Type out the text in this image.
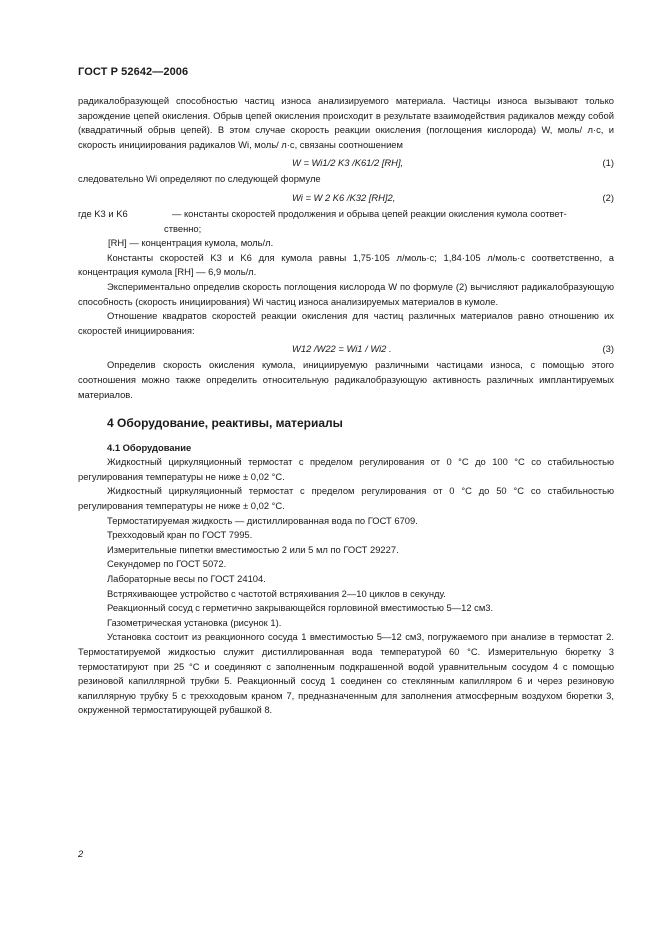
ГОСТ Р 52642—2006

радикалобразующей способностью частиц износа анализируемого материала. Частицы износа вызывают только зарождение цепей окисления. Обрыв цепей окисления происходит в результате взаимодействия радикалов между собой (квадратичный обрыв цепей). В этом случае скорость реакции окисления (поглощения кислорода) W, моль/ л·с, и скорость инициирования радикалов Wi, моль/ л·с, связаны соотношением

W = Wi1/2 K3 /K61/2 [RH],	(1)

следовательно Wi определяют по следующей формуле

Wi = W 2 K6 /K32 [RH]2,	(2)
где K3 и K6	— константы скоростей продолжения и обрыва цепей реакции окисления кумола соответ-
ственно;
[RH] — концентрация кумола, моль/л.

Константы скоростей K3 и K6 для кумола равны 1,75·105 л/моль·с; 1,84·105 л/моль·с соответственно, а концентрация кумола [RH] — 6,9 моль/л.

Экспериментально определив скорость поглощения кислорода W по формуле (2) вычисляют радикалобразующую способность (скорость инициирования) Wi частиц износа анализируемых материалов в кумоле.

Отношение квадратов скоростей реакции окисления для частиц различных материалов равно отношению их скоростей инициирования:

W12 /W22 = Wi1 / Wi2 .	(3)

Определив скорость окисления кумола, инициируемую различными частицами износа, с помощью этого соотношения можно также определить относительную радикалобразующую активность различных имплантируемых материалов.

4 Оборудование, реактивы, материалы

4.1 Оборудование

Жидкостный циркуляционный термостат с пределом регулирования от 0 °C до 100 °C со стабильностью регулирования температуры не ниже ± 0,02 °C.

Жидкостный циркуляционный термостат с пределом регулирования от 0 °C до 50 °C со стабильностью регулирования температуры не ниже ± 0,02 °C.

Термостатируемая жидкость — дистиллированная вода по ГОСТ 6709.

Трехходовый кран по ГОСТ 7995.

Измерительные пипетки вместимостью 2 или 5 мл по ГОСТ 29227.

Секундомер по ГОСТ 5072.

Лабораторные весы по ГОСТ 24104.

Встряхивающее устройство с частотой встряхивания 2—10 циклов в секунду.

Реакционный сосуд с герметично закрывающейся горловиной вместимостью 5—12 см3.

Газометрическая установка (рисунок 1).

Установка состоит из реакционного сосуда 1 вместимостью 5—12 см3, погружаемого при анализе в термостат 2. Термостатируемой жидкостью служит дистиллированная вода температурой 60 °C. Измерительную бюретку 3 термостатируют при 25 °C и соединяют с заполненным подкрашенной водой уравнительным сосудом 4 с помощью резиновой капиллярной трубки 5. Реакционный сосуд 1 соединен со стеклянным капилляром 6 и через резиновую капиллярную трубку 5 с трехходовым краном 7, предназначенным для заполнения атмосферным воздухом бюретки 3, окруженной термостатирующей рубашкой 8.

2
